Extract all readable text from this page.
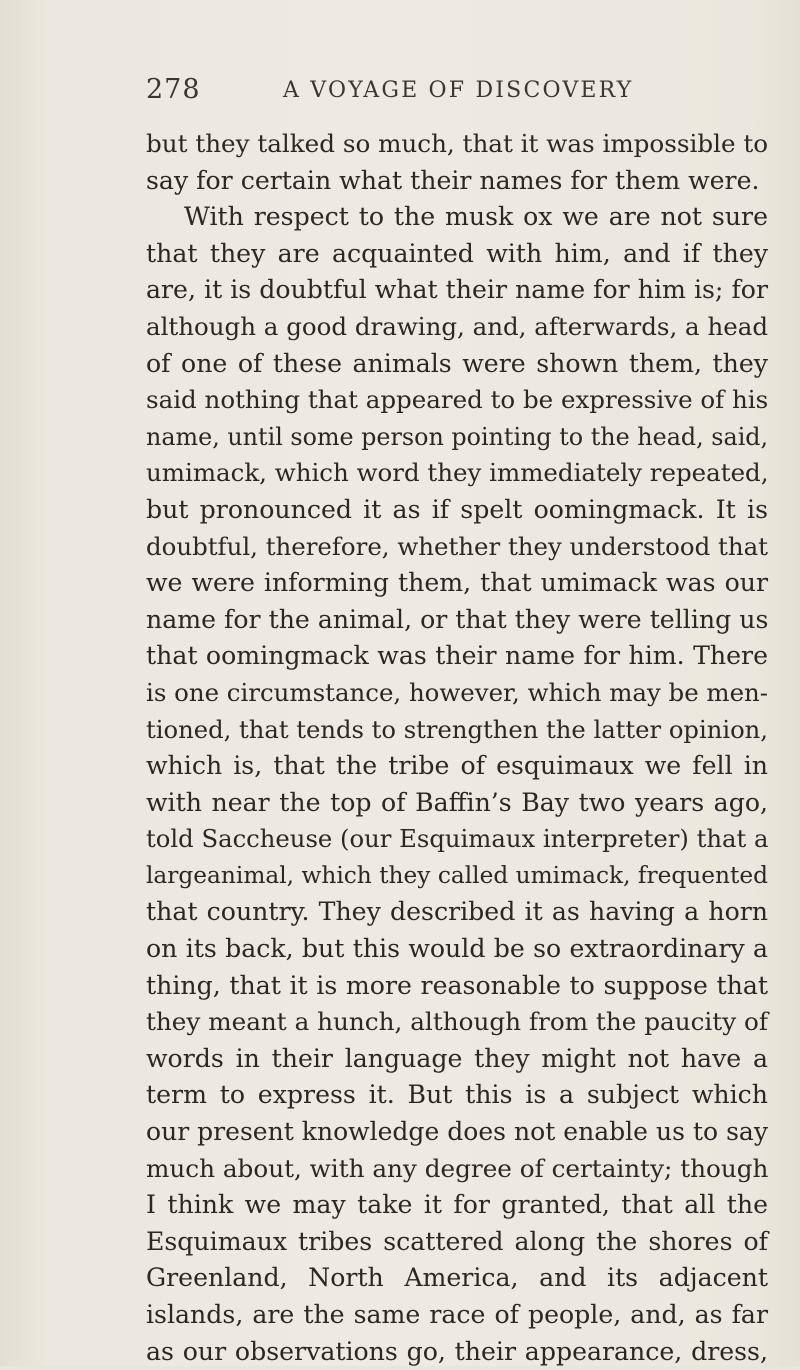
278	A VOYAGE OF DISCOVERY
but they talked so much, that it was impossible to
say for certain what their names for them were.
With respect to the musk ox we are not sure
that they are acquainted with him, and if they
are, it is doubtful what their name for him is; for
although a good drawing, and, afterwards, a head
of one of these animals were shown them, they
said nothing that appeared to be expressive of his
name, until some person pointing to the head, said,
umimack, which word they immediately repeated,
but pronounced it as if spelt oomingmack. It is
doubtful, therefore, whether they understood that
we were informing them, that umimack was our
name for the animal, or that they were telling us
that oomingmack was their name for him. There
is one circumstance, however, which may be men-
tioned, that tends to strengthen the latter opinion,
which is, that the tribe of esquimaux we fell in
with near the top of Baffin’s Bay two years ago,
told Saccheuse (our Esquimaux interpreter) that a
largeanimal, which they called umimack, frequented
that country. They described it as having a horn
on its back, but this would be so extraordinary a
thing, that it is more reasonable to suppose that
they meant a hunch, although from the paucity of
words in their language they might not have a
term to express it. But this is a subject which
our present knowledge does not enable us to say
much about, with any degree of certainty; though
I think we may take it for granted, that all the
Esquimaux tribes scattered along the shores of
Greenland, North America, and its adjacent
islands, are the same race of people, and, as far
as our observations go, their appearance, dress,
